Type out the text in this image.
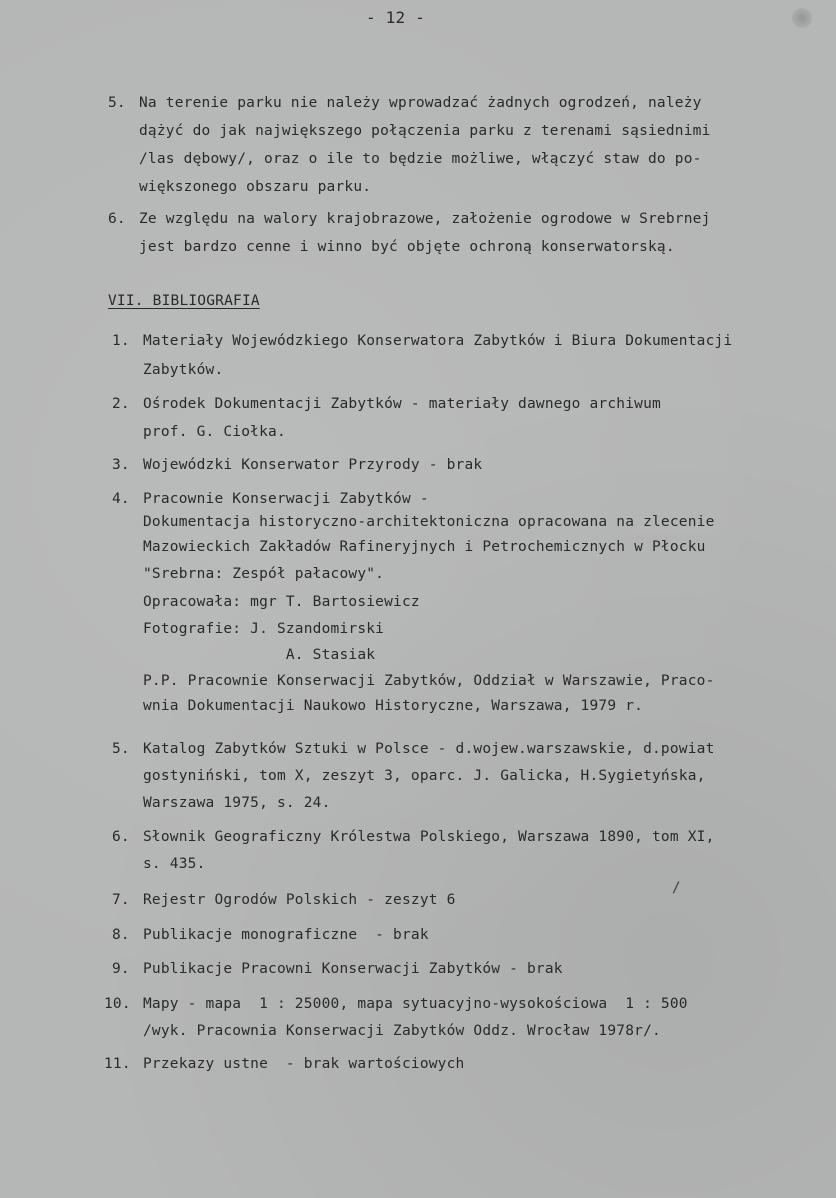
- 12 -
5. Na terenie parku nie należy wprowadzać żadnych ogrodzeń, należy
dążyć do jak największego połączenia parku z terenami sąsiednimi
/las dębowy/, oraz o ile to będzie możliwe, włączyć staw do po-
większonego obszaru parku.
6. Ze względu na walory krajobrazowe, założenie ogrodowe w Srebrnej
jest bardzo cenne i winno być objęte ochroną konserwatorską.
VII. BIBLIOGRAFIA
1. Materiały Wojewódzkiego Konserwatora Zabytków i Biura Dokumentacji
Zabytków.
2. Ośrodek Dokumentacji Zabytków - materiały dawnego archiwum
prof. G. Ciołka.
3. Wojewódzki Konserwator Przyrody - brak
4. Pracownie Konserwacji Zabytków -
Dokumentacja historyczno-architektoniczna opracowana na zlecenie
Mazowieckich Zakładów Rafineryjnych i Petrochemicznych w Płocku
"Srebrna: Zespół pałacowy".
Opracowała: mgr T. Bartosiewicz
Fotografie: J. Szandomirski
A. Stasiak
P.P. Pracownie Konserwacji Zabytków, Oddział w Warszawie, Praco-
wnia Dokumentacji Naukowo Historyczne, Warszawa, 1979 r.
5. Katalog Zabytków Sztuki w Polsce - d.wojew.warszawskie, d.powiat
gostyniński, tom X, zeszyt 3, oparc. J. Galicka, H.Sygietyńska,
Warszawa 1975, s. 24.
6. Słownik Geograficzny Królestwa Polskiego, Warszawa 1890, tom XI,
s. 435.
7. Rejestr Ogrodów Polskich - zeszyt 6
8. Publikacje monograficzne  - brak
9. Publikacje Pracowni Konserwacji Zabytków - brak
10. Mapy - mapa  1 : 25000, mapa sytuacyjno-wysokościowa  1 : 500
/wyk. Pracownia Konserwacji Zabytków Oddz. Wrocław 1978r/.
11. Przekazy ustne  - brak wartościowych
/
